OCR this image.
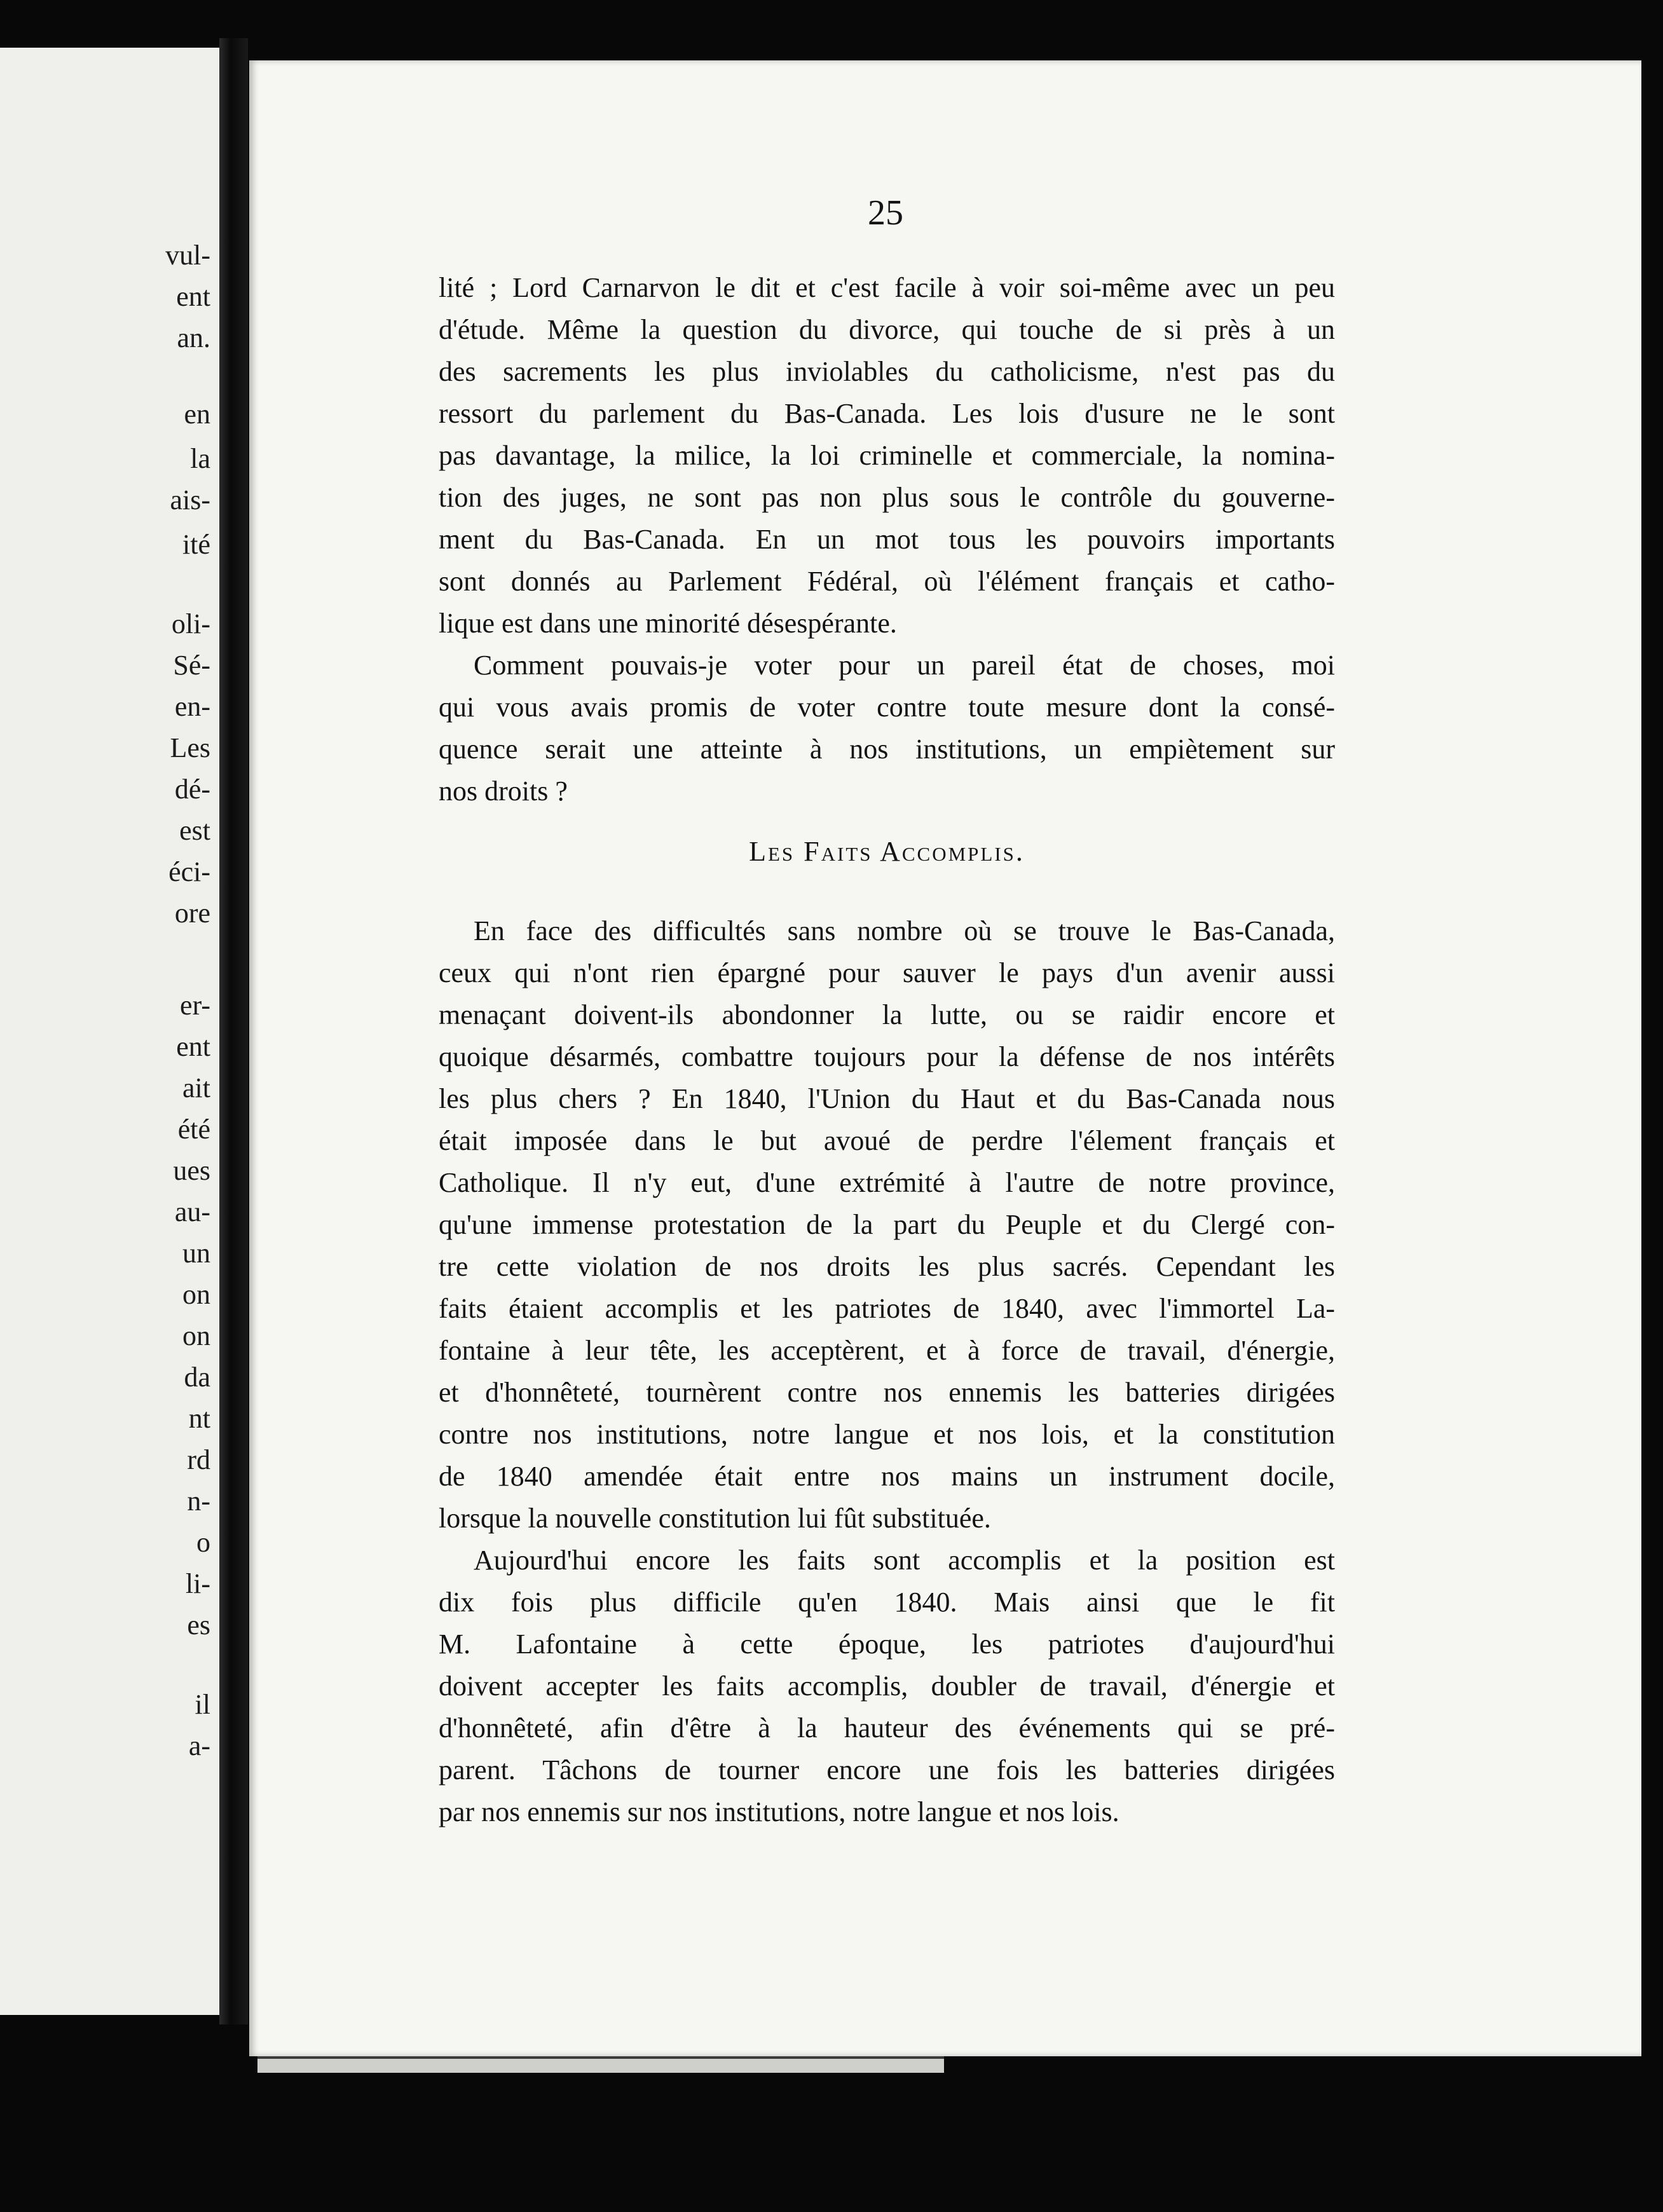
vul-
ent
an.
en
la
ais-
ité
oli-
Sé-
en-
Les
dé-
est
éci-
ore
er-
ent
ait
été
ues
au-
un
on
on
da
nt
rd
n-
o
li-
es
il
a-
25
lité ; Lord Carnarvon le dit et c'est facile à voir soi-même avec un peu
d'étude. Même la question du divorce, qui touche de si près à un
des sacrements les plus inviolables du catholicisme, n'est pas du
ressort du parlement du Bas-Canada. Les lois d'usure ne le sont
pas davantage, la milice, la loi criminelle et commerciale, la nomina-
tion des juges, ne sont pas non plus sous le contrôle du gouverne-
ment du Bas-Canada. En un mot tous les pouvoirs importants
sont donnés au Parlement Fédéral, où l'élément français et catho-
lique est dans une minorité désespérante.
Comment pouvais-je voter pour un pareil état de choses, moi
qui vous avais promis de voter contre toute mesure dont la consé-
quence serait une atteinte à nos institutions, un empiètement sur
nos droits ?
Les Faits Accomplis.
En face des difficultés sans nombre où se trouve le Bas-Canada,
ceux qui n'ont rien épargné pour sauver le pays d'un avenir aussi
menaçant doivent-ils abondonner la lutte, ou se raidir encore et
quoique désarmés, combattre toujours pour la défense de nos intérêts
les plus chers ? En 1840, l'Union du Haut et du Bas-Canada nous
était imposée dans le but avoué de perdre l'élement français et
Catholique. Il n'y eut, d'une extrémité à l'autre de notre province,
qu'une immense protestation de la part du Peuple et du Clergé con-
tre cette violation de nos droits les plus sacrés. Cependant les
faits étaient accomplis et les patriotes de 1840, avec l'immortel La-
fontaine à leur tête, les acceptèrent, et à force de travail, d'énergie,
et d'honnêteté, tournèrent contre nos ennemis les batteries dirigées
contre nos institutions, notre langue et nos lois, et la constitution
de 1840 amendée était entre nos mains un instrument docile,
lorsque la nouvelle constitution lui fût substituée.
Aujourd'hui encore les faits sont accomplis et la position est
dix fois plus difficile qu'en 1840. Mais ainsi que le fit
M. Lafontaine à cette époque, les patriotes d'aujourd'hui
doivent accepter les faits accomplis, doubler de travail, d'énergie et
d'honnêteté, afin d'être à la hauteur des événements qui se pré-
parent. Tâchons de tourner encore une fois les batteries dirigées
par nos ennemis sur nos institutions, notre langue et nos lois.
